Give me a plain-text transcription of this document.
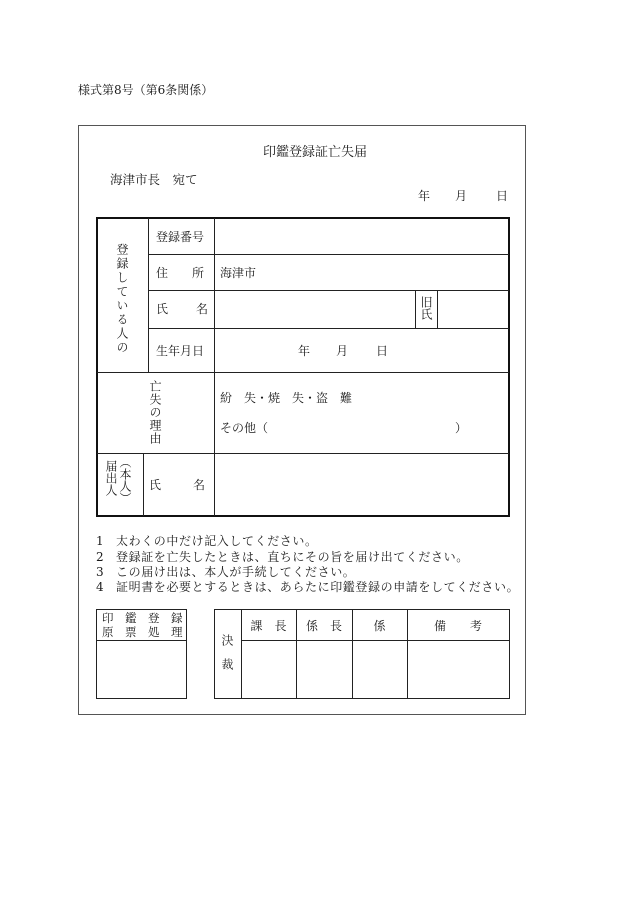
様式第8号（第6条関係）
印鑑登録証亡失届
海津市長　宛て
年 月 日
登録している人の
登録番号
住　所 海津市
氏　名	旧氏
生年月日	年 月 日
亡失の理由	紛　失・焼　失・盗　難
その他（	）
届出人 （本人） 氏　名
1 太わくの中だけ記入してください。
2 登録証を亡失したときは、直ちにその旨を届け出てください。
3 この届け出は、本人が手続してください。
4 証明書を必要とするときは、あらたに印鑑登録の申請をしてください。
印　鑑　登　録
原　票　処　理
決裁
課　長	係　長	係	備　　考
